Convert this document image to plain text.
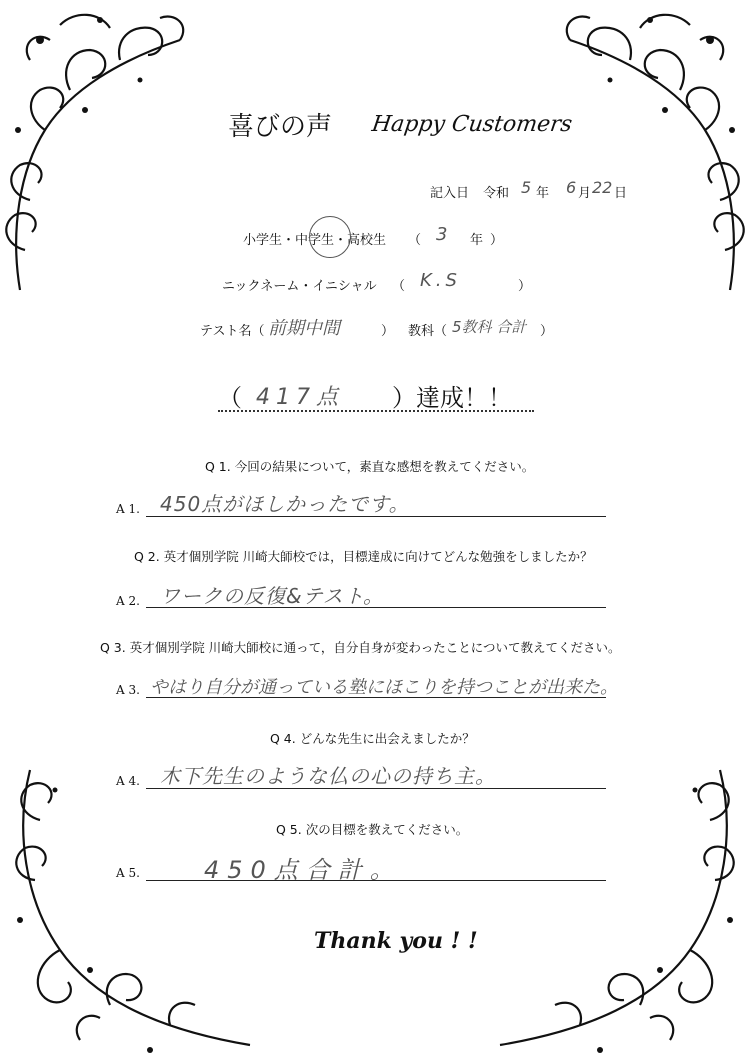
喜びの声 Happy Customers
記入日 令和 5 年 6 月 22 日
小学生・中学生・高校生 （ 3 年 ）
ニックネーム・イニシャル （ K.S	）
テスト名（ 前期中間	） 教科（ 5教科 合計 ）
（ 417点 ）達成！！
Q 1. 今回の結果について，素直な感想を教えてください。
A 1. 450点がほしかったです。
Q 2. 英才個別学院 川崎大師校では，目標達成に向けてどんな勉強をしましたか？
A 2. ワークの反復&テスト。
Q 3. 英才個別学院 川崎大師校に通って，自分自身が変わったことについて教えてください。
A 3. やはり自分が通っている塾にほこりを持つことが出来た。
Q 4. どんな先生に出会えましたか？
A 4. 木下先生のような仏の心の持ち主。
Q 5. 次の目標を教えてください。
A 5.	450点合計。
Thank you ! !
